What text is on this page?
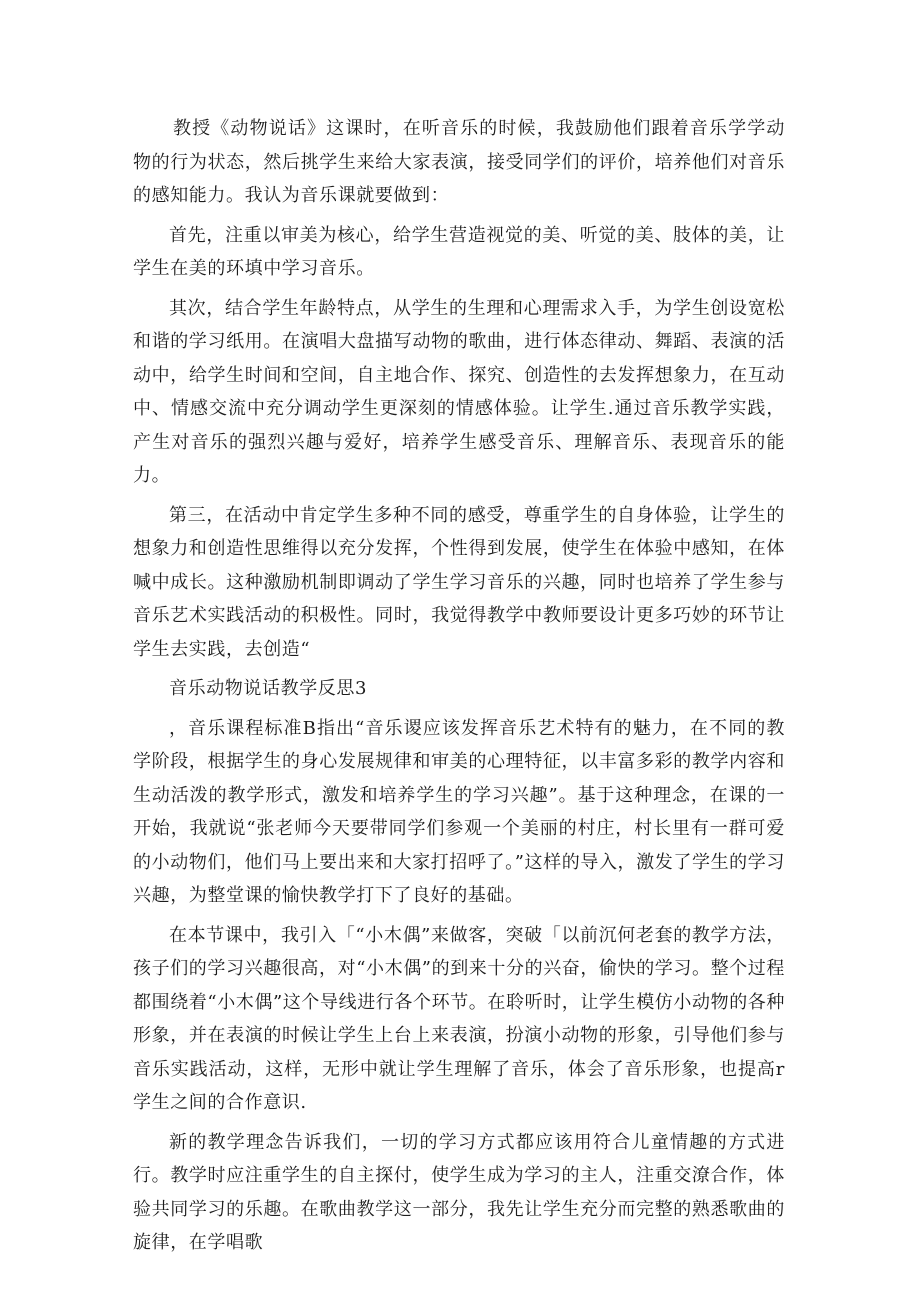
教授《动物说话》这课时，在听音乐的时候，我鼓励他们跟着音乐学学动物的行为状态，然后挑学生来给大家表演，接受同学们的评价，培养他们对音乐的感知能力。我认为音乐课就要做到：

首先，注重以审美为核心，给学生营造视觉的美、听觉的美、肢体的美，让学生在美的环填中学习音乐。

其次，结合学生年龄特点，从学生的生理和心理需求入手，为学生创设宽松和谐的学习纸用。在演唱大盘描写动物的歌曲，进行体态律动、舞蹈、表演的活动中，给学生时间和空间，自主地合作、探究、创造性的去发挥想象力，在互动中、情感交流中充分调动学生更深刻的情感体验。让学生.通过音乐教学实践，产生对音乐的强烈兴趣与爱好，培养学生感受音乐、理解音乐、表现音乐的能力。

第三，在活动中肯定学生多种不同的感受，尊重学生的自身体验，让学生的想象力和创造性思维得以充分发挥，个性得到发展，使学生在体验中感知，在体喊中成长。这种激励机制即调动了学生学习音乐的兴趣，同时也培养了学生参与音乐艺术实践活动的积极性。同时，我觉得教学中教师要设计更多巧妙的环节让学生去实践，去创造“

音乐动物说话教学反思3

，音乐课程标准B指出“音乐谡应该发挥音乐艺术特有的魅力，在不同的教学阶段，根据学生的身心发展规律和审美的心理特征，以丰富多彩的教学内容和生动活泼的教学形式，激发和培养学生的学习兴趣”。基于这种理念，在课的一开始，我就说“张老师今天要带同学们参观一个美丽的村庄，村长里有一群可爱的小动物们，他们马上要出来和大家打招呼了。”这样的导入，激发了学生的学习兴趣，为整堂课的愉快教学打下了良好的基础。

在本节课中，我引入「“小木偶”来做客，突破「以前沉何老套的教学方法，孩子们的学习兴趣很高，对“小木偶”的到来十分的兴奋，偷快的学习。整个过程都围绕着“小木偶”这个导线进行各个环节。在聆听时，让学生模仿小动物的各种形象，并在表演的时候让学生上台上来表演，扮演小动物的形象，引导他们参与音乐实践活动，这样，无形中就让学生理解了音乐，体会了音乐形象，也提高r学生之间的合作意识.

新的教学理念告诉我们，一切的学习方式都应该用符合儿童情趣的方式进行。教学时应注重学生的自主探付，使学生成为学习的主人，注重交潦合作，体验共同学习的乐趣。在歌曲教学这一部分，我先让学生充分而完整的熟悉歌曲的旋律，在学唱歌
